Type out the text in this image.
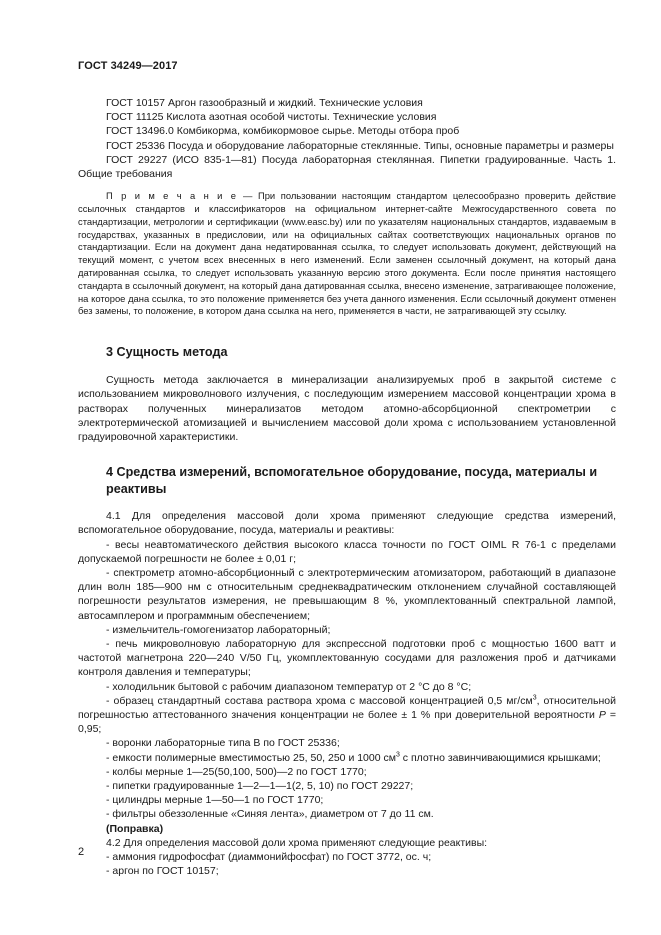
ГОСТ 34249—2017

ГОСТ 10157 Аргон газообразный и жидкий. Технические условия

ГОСТ 11125 Кислота азотная особой чистоты. Технические условия

ГОСТ 13496.0 Комбикорма, комбикормовое сырье. Методы отбора проб

ГОСТ 25336 Посуда и оборудование лабораторные стеклянные. Типы, основные параметры и размеры

ГОСТ 29227 (ИСО 835-1—81) Посуда лабораторная стеклянная. Пипетки градуированные. Часть 1. Общие требования

П р и м е ч а н и е — При пользовании настоящим стандартом целесообразно проверить действие ссылочных стандартов и классификаторов на официальном интернет-сайте Межгосударственного совета по стандартизации, метрологии и сертификации (www.easc.by) или по указателям национальных стандартов, издаваемым в государствах, указанных в предисловии, или на официальных сайтах соответствующих национальных органов по стандартизации. Если на документ дана недатированная ссылка, то следует использовать документ, действующий на текущий момент, с учетом всех внесенных в него изменений. Если заменен ссылочный документ, на который дана датированная ссылка, то следует использовать указанную версию этого документа. Если после принятия настоящего стандарта в ссылочный документ, на который дана датированная ссылка, внесено изменение, затрагивающее положение, на которое дана ссылка, то это положение применяется без учета данного изменения. Если ссылочный документ отменен без замены, то положение, в котором дана ссылка на него, применяется в части, не затрагивающей эту ссылку.

3 Сущность метода

Сущность метода заключается в минерализации анализируемых проб в закрытой системе с использованием микроволнового излучения, с последующим измерением массовой концентрации хрома в растворах полученных минерализатов методом атомно-абсорбционной спектрометрии с электротермической атомизацией и вычислением массовой доли хрома с использованием установленной градуировочной характеристики.

4 Средства измерений, вспомогательное оборудование, посуда, материалы и реактивы

4.1 Для определения массовой доли хрома применяют следующие средства измерений, вспомогательное оборудование, посуда, материалы и реактивы:

- весы неавтоматического действия высокого класса точности по ГОСТ OIML R 76-1 с пределами допускаемой погрешности не более ± 0,01 г;

- спектрометр атомно-абсорбционный с электротермическим атомизатором, работающий в диапазоне длин волн 185—900 нм с относительным среднеквадратическим отклонением случайной составляющей погрешности результатов измерения, не превышающим 8 %, укомплектованный спектральной лампой, автосамплером и программным обеспечением;

- измельчитель-гомогенизатор лабораторный;

- печь микроволновую лабораторную для экспрессной подготовки проб с мощностью 1600 ватт и частотой магнетрона 220—240 V/50 Гц, укомплектованную сосудами для разложения проб и датчиками контроля давления и температуры;

- холодильник бытовой с рабочим диапазоном температур от 2 °С до 8 °С;

- образец стандартный состава раствора хрома с массовой концентрацией 0,5 $мг/см^3$, относительной погрешностью аттестованного значения концентрации не более ± 1 % при доверительной вероятности Р = 0,95;

- воронки лабораторные типа В по ГОСТ 25336;

- емкости полимерные вместимостью 25, 50, 250 и 1000 $см^3$ с плотно завинчивающимися крышками;

- колбы мерные 1—25(50,100, 500)—2 по ГОСТ 1770;

- пипетки градуированные 1—2—1—1(2, 5, 10) по ГОСТ 29227;

- цилиндры мерные 1—50—1 по ГОСТ 1770;

- фильтры обеззоленные «Синяя лента», диаметром от 7 до 11 см.

(Поправка)

4.2 Для определения массовой доли хрома применяют следующие реактивы:

- аммония гидрофосфат (диаммонийфосфат) по ГОСТ 3772, ос. ч;

- аргон по ГОСТ 10157;

2
